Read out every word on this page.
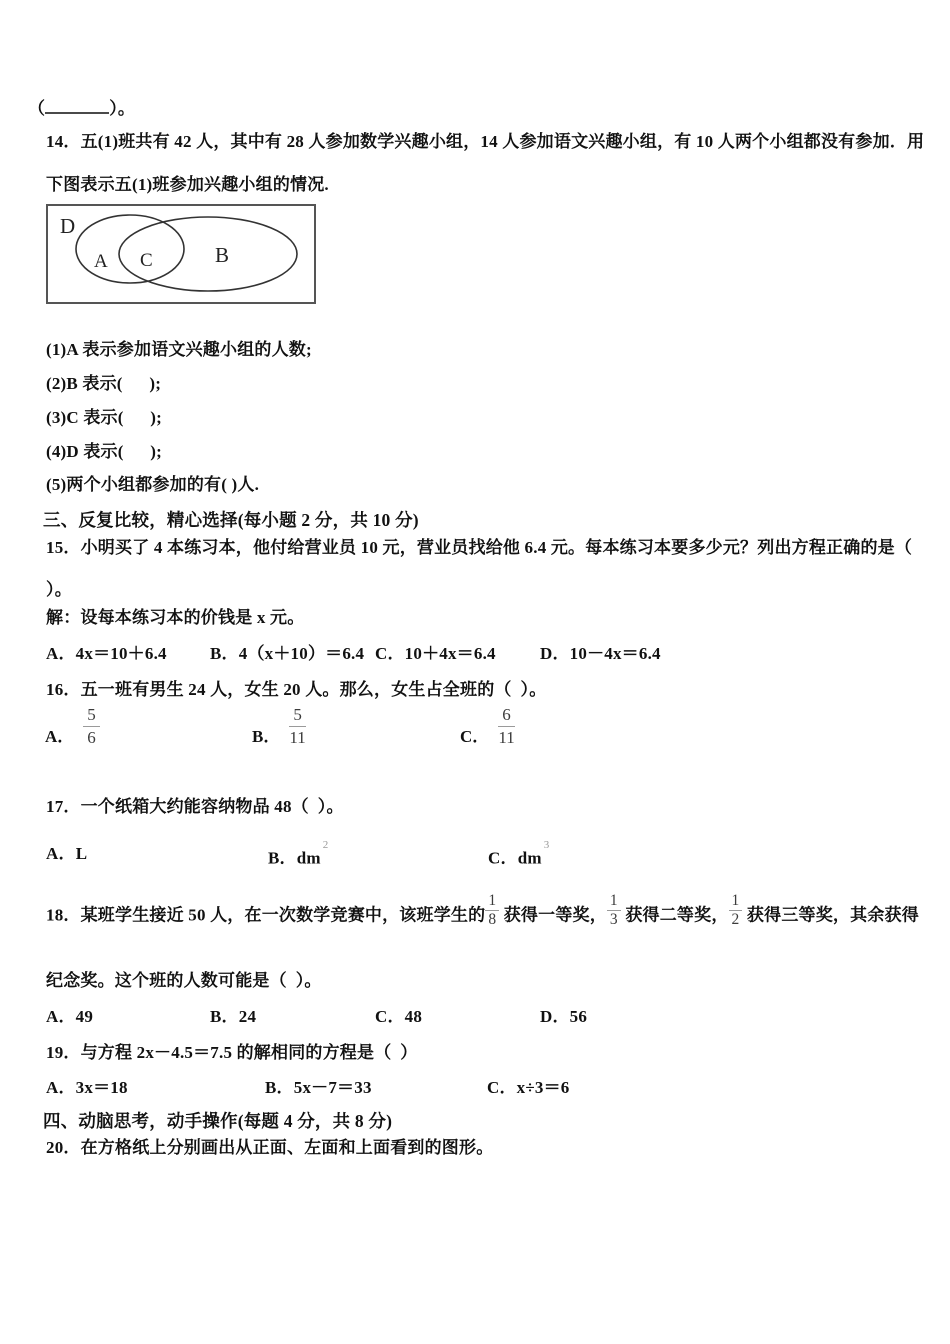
（	）。
14．五(1)班共有 42 人，其中有 28 人参加数学兴趣小组，14 人参加语文兴趣小组，有 10 人两个小组都没有参加．用
下图表示五(1)班参加兴趣小组的情况.
D
A C	B
(1)A 表示参加语文兴趣小组的人数;
(2)B 表示(      );
(3)C 表示(      );
(4)D 表示(      );
(5)两个小组都参加的有( )人.
三、反复比较，精心选择(每小题 2 分，共 10 分)
15．小明买了 4 本练习本，他付给营业员 10 元，营业员找给他 6.4 元。每本练习本要多少元？列出方程正确的是（
）。
解：设每本练习本的价钱是 x 元。
A．4x＝10＋6.4	B．4（x＋10）＝6.4 C．10＋4x＝6.4	D．10－4x＝6.4
16．五一班有男生 24 人，女生 20 人。那么，女生占全班的（  ）。
A． $\frac{5}{6}$	B． $\frac{5}{11}$	C． $\frac{6}{11}$
17．一个纸箱大约能容纳物品 48（  ）。
A．L	B．$dm^2$
C．$dm^3$
18．某班学生接近 50 人，在一次数学竞赛中，该班学生的 $\frac{1}{8}$ 获得一等奖， $\frac{1}{3}$ 获得二等奖， $\frac{1}{2}$ 获得三等奖，其余获得
纪念奖。这个班的人数可能是（  ）。
A．49	B．24	C．48	D．56
19．与方程 2x－4.5＝7.5 的解相同的方程是（  ）
A．3x＝18	B．5x－7＝33	C．x÷3＝6
四、动脑思考，动手操作(每题 4 分，共 8 分)
20．在方格纸上分别画出从正面、左面和上面看到的图形。
